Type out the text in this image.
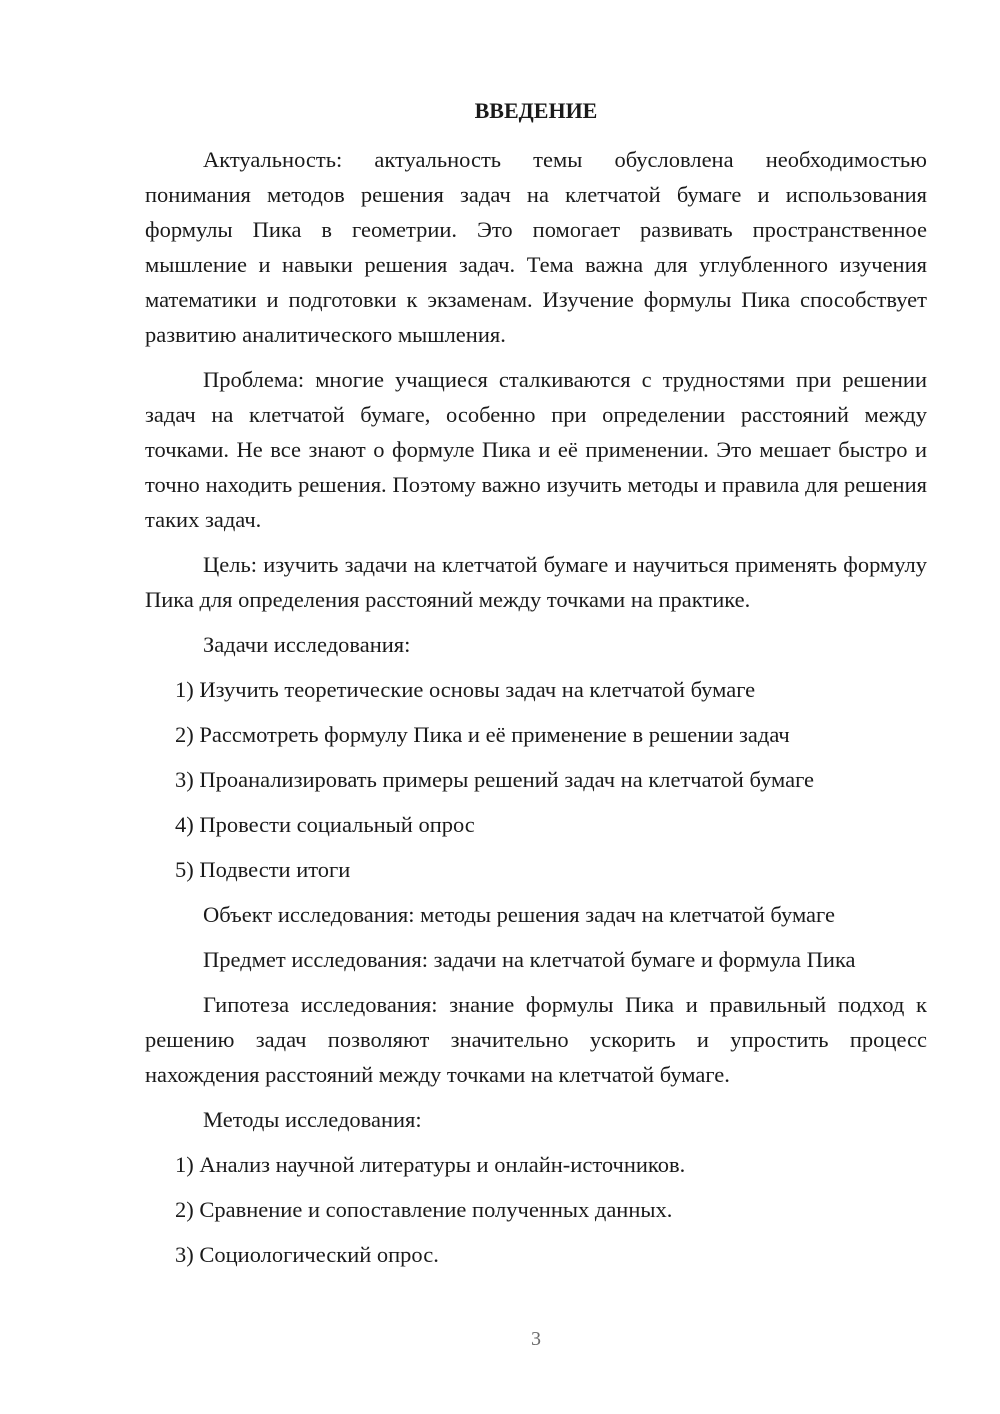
ВВЕДЕНИЕ

Актуальность: актуальность темы обусловлена необходимостью понимания методов решения задач на клетчатой бумаге и использования формулы Пика в геометрии. Это помогает развивать пространственное мышление и навыки решения задач. Тема важна для углубленного изучения математики и подготовки к экзаменам. Изучение формулы Пика способствует развитию аналитического мышления.

Проблема: многие учащиеся сталкиваются с трудностями при решении задач на клетчатой бумаге, особенно при определении расстояний между точками. Не все знают о формуле Пика и её применении. Это мешает быстро и точно находить решения. Поэтому важно изучить методы и правила для решения таких задач.

Цель: изучить задачи на клетчатой бумаге и научиться применять формулу Пика для определения расстояний между точками на практике.

Задачи исследования:

1) Изучить теоретические основы задач на клетчатой бумаге
2) Рассмотреть формулу Пика и её применение в решении задач
3) Проанализировать примеры решений задач на клетчатой бумаге
4) Провести социальный опрос
5) Подвести итоги

Объект исследования: методы решения задач на клетчатой бумаге

Предмет исследования: задачи на клетчатой бумаге и формула Пика

Гипотеза исследования: знание формулы Пика и правильный подход к решению задач позволяют значительно ускорить и упростить процесс нахождения расстояний между точками на клетчатой бумаге.

Методы исследования:

1) Анализ научной литературы и онлайн-источников.
2) Сравнение и сопоставление полученных данных.
3) Социологический опрос.
3
